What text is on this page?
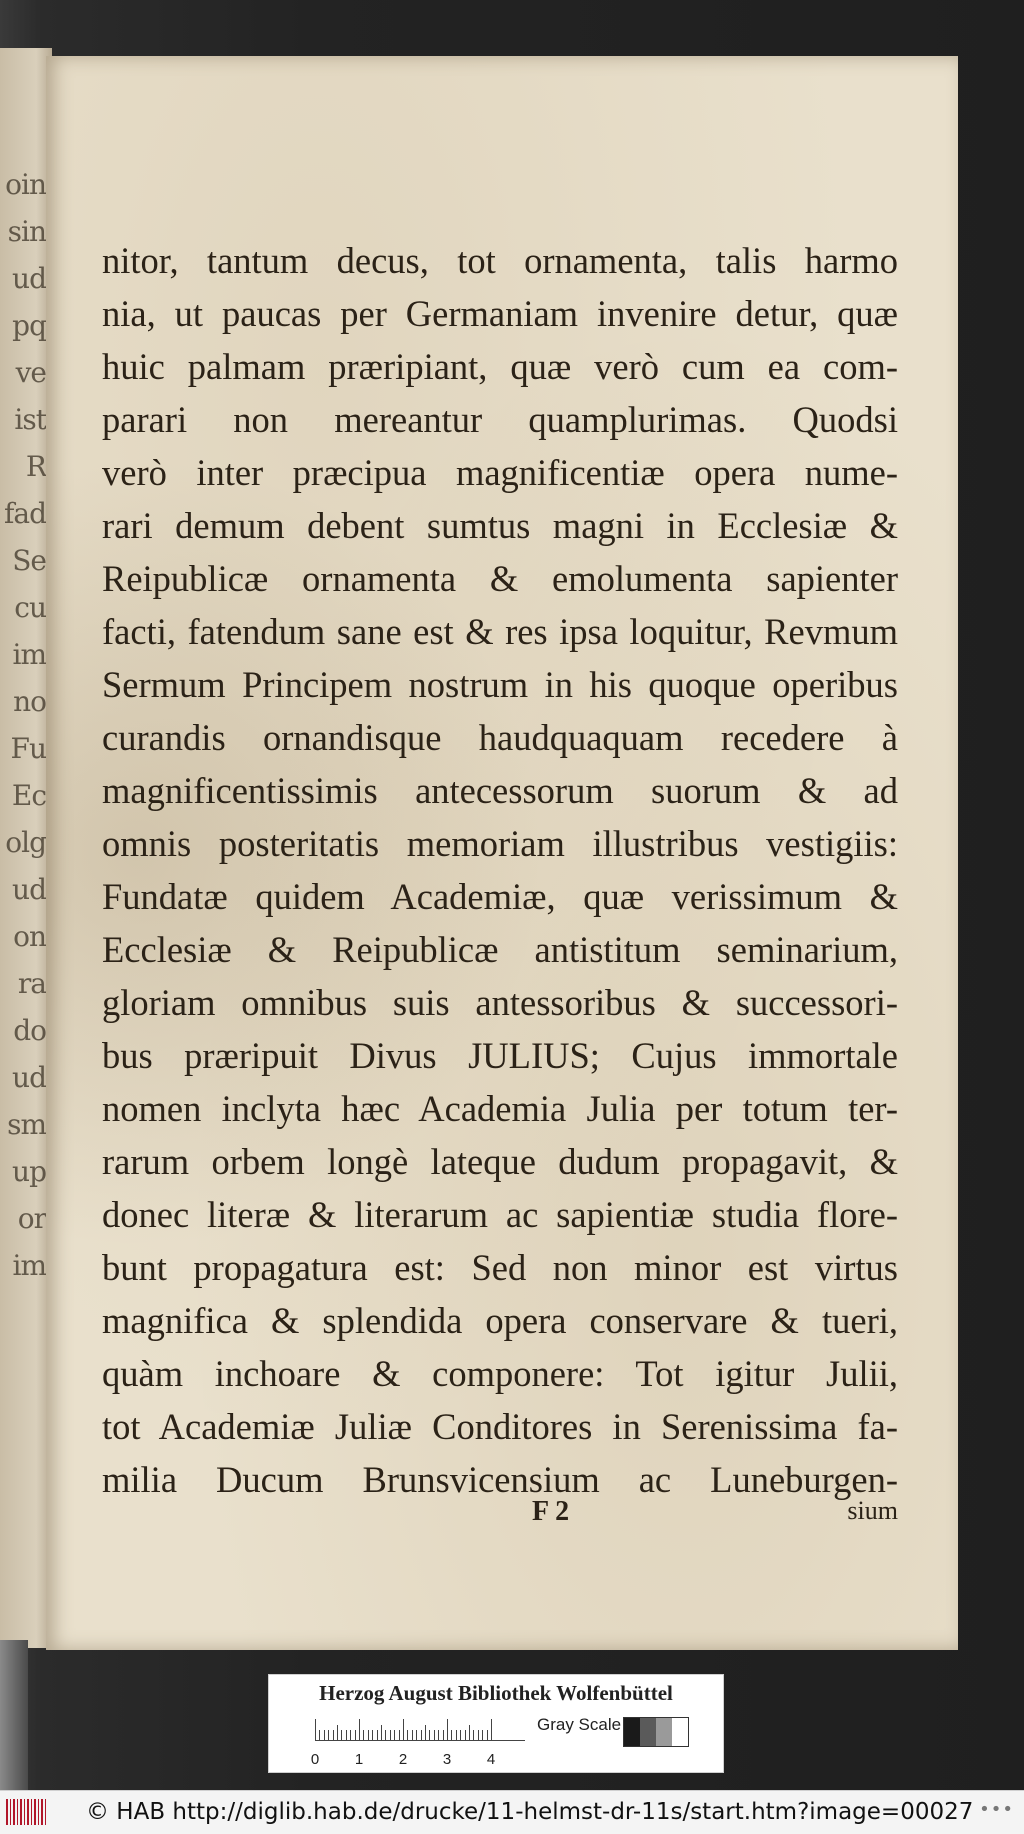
oin
sin
ud
pq
ve
ist
R
fad
Se
cu
im
no
Fu
Ec
olg
ud
on
ra
do
ud
sm
up
or
im
nitor, tantum decus, tot ornamenta, talis harmo
nia, ut paucas per Germaniam invenire detur, quæ
huic palmam præripiant, quæ verò cum ea com-
parari non mereantur quamplurimas. Quodsi
verò inter præcipua magnificentiæ opera nume-
rari demum debent sumtus magni in Ecclesiæ &
Reipublicæ ornamenta & emolumenta sapienter
facti, fatendum sane est & res ipsa loquitur, Revmum
Sermum Principem nostrum in his quoque operibus
curandis ornandisque haudquaquam recedere à
magnificentissimis antecessorum suorum & ad
omnis posteritatis memoriam illustribus vestigiis:
Fundatæ quidem Academiæ, quæ verissimum &
Ecclesiæ & Reipublicæ antistitum seminarium,
gloriam omnibus suis antessoribus & successori-
bus præripuit Divus JULIUS; Cujus immortale
nomen inclyta hæc Academia Julia per totum ter-
rarum orbem longè lateque dudum propagavit, &
donec literæ & literarum ac sapientiæ studia flore-
bunt propagatura est: Sed non minor est virtus
magnifica & splendida opera conservare & tueri,
quàm inchoare & componere: Tot igitur Julii,
tot Academiæ Juliæ Conditores in Serenissima fa-
milia Ducum Brunsvicensium ac Luneburgen-
F 2	sium
Herzog August Bibliothek Wolfenbüttel
0 1 2 3 4
Gray Scale
© HAB http://diglib.hab.de/drucke/11-helmst-dr-11s/start.htm?image=00027 •••
